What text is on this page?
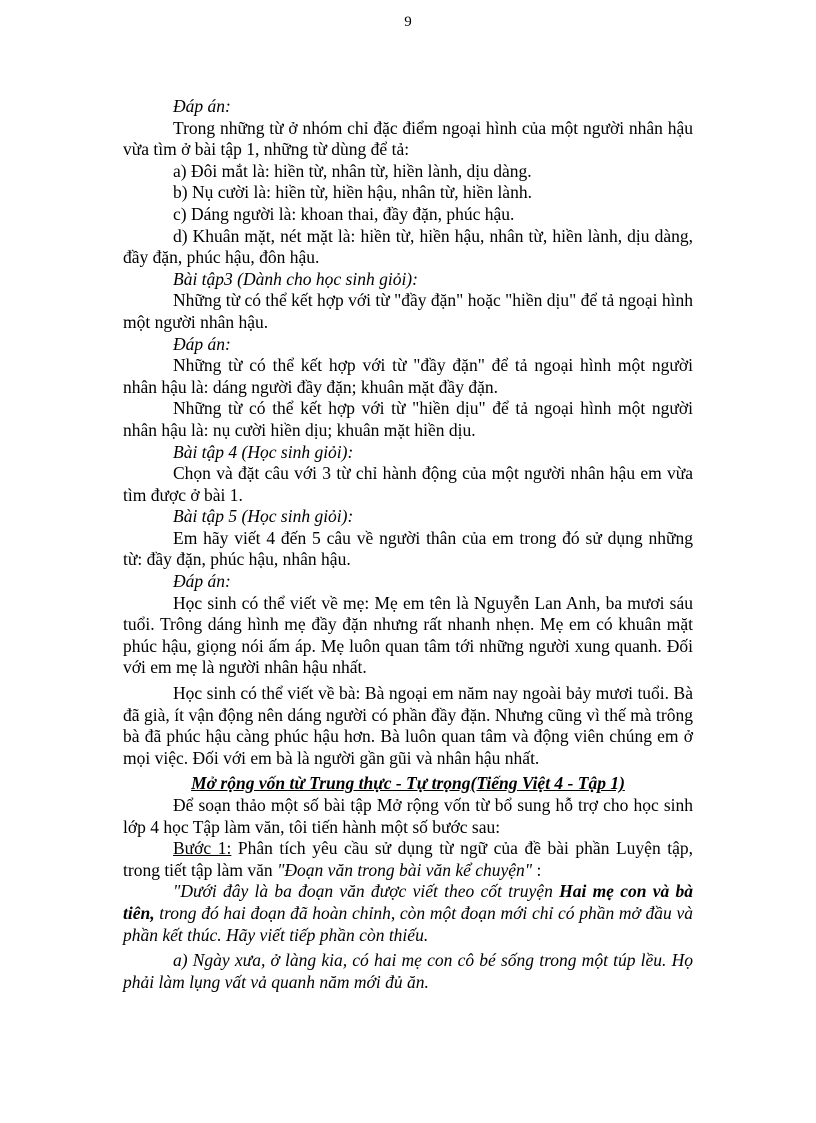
9

Đáp án:

Trong những từ ở nhóm chỉ đặc điểm ngoại hình của một người nhân hậu vừa tìm ở bài tập 1, những từ dùng để tả:

a) Đôi mắt là: hiền từ, nhân từ, hiền lành, dịu dàng.

b) Nụ cười là: hiền từ, hiền hậu, nhân từ, hiền lành.

c) Dáng người là: khoan thai, đầy đặn, phúc hậu.

d) Khuân mặt, nét mặt là: hiền từ, hiền hậu, nhân từ, hiền lành, dịu dàng, đầy đặn, phúc hậu, đôn hậu.

Bài tập3 (Dành cho học sinh giỏi):

Những từ có thể kết hợp với từ "đầy đặn" hoặc "hiền dịu" để tả ngoại hình một người nhân hậu.

Đáp án:

Những từ có thể kết hợp với từ "đầy đặn" để tả ngoại hình một người nhân hậu là: dáng người đầy đặn; khuân mặt đầy đặn.

Những từ có thể kết hợp với từ "hiền dịu" để tả ngoại hình một người nhân hậu là: nụ cười hiền dịu; khuân mặt hiền dịu.

Bài tập 4 (Học sinh giỏi):

Chọn và đặt câu với 3 từ chỉ hành động của một người nhân hậu em vừa tìm được ở bài 1.

Bài tập 5 (Học sinh giỏi):

Em hãy viết 4 đến 5 câu về người thân của em trong đó sử dụng những từ: đầy đặn, phúc hậu, nhân hậu.

Đáp án:

Học sinh có thể viết về mẹ: Mẹ em tên là Nguyễn Lan Anh, ba mươi sáu tuổi. Trông dáng hình mẹ đầy đặn nhưng rất nhanh nhẹn. Mẹ em có khuân mặt phúc hậu, giọng nói ấm áp. Mẹ luôn quan tâm tới những người xung quanh. Đối với em mẹ là người nhân hậu nhất.

Học sinh có thể viết về bà: Bà ngoại em năm nay ngoài bảy mươi tuổi. Bà đã già, ít vận động nên dáng người có phần đầy đặn. Nhưng cũng vì thế mà trông bà đã phúc hậu càng phúc hậu hơn. Bà luôn quan tâm và động viên chúng em ở mọi việc. Đối với em bà là người gần gũi và nhân hậu nhất.

Mở rộng vốn từ Trung thực - Tự trọng(Tiếng Việt 4 - Tập 1)

Để soạn thảo một số bài tập Mở rộng vốn từ bổ sung hỗ trợ cho học sinh lớp 4 học Tập làm văn, tôi tiến hành một số bước sau:

Bước 1: Phân tích yêu cầu sử dụng từ ngữ của đề bài phần Luyện tập, trong tiết tập làm văn "Đoạn văn trong bài văn kể chuyện" :

"Dưới đây là ba đoạn văn được viết theo cốt truyện Hai mẹ con và bà tiên, trong đó hai đoạn đã hoàn chỉnh, còn một đoạn mới chỉ có phần mở đầu và phần kết thúc. Hãy viết tiếp phần còn thiếu.

a) Ngày xưa, ở làng kia, có hai mẹ con cô bé sống trong một túp lều. Họ phải làm lụng vất vả quanh năm mới đủ ăn.
